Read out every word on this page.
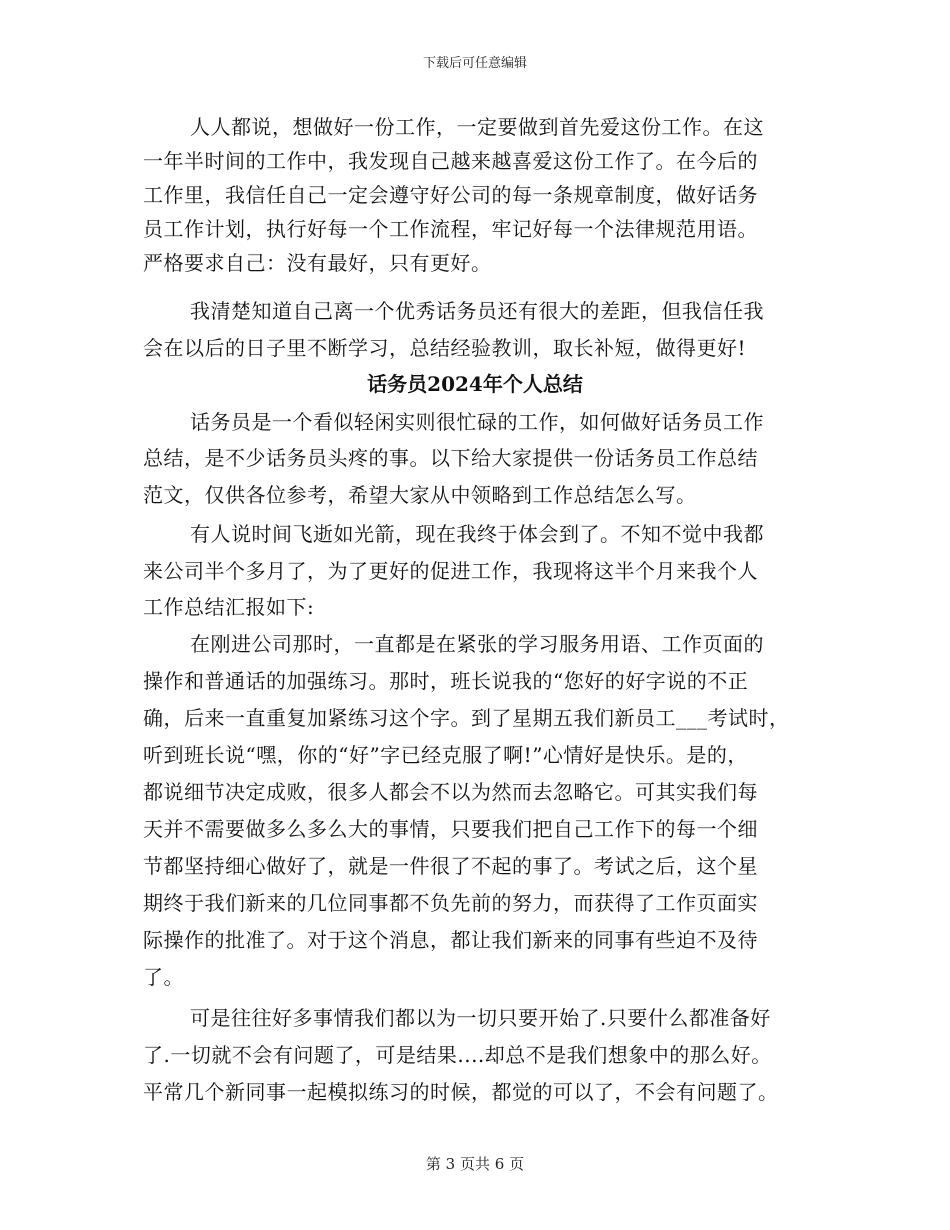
下载后可任意编辑
人人都说，想做好一份工作，一定要做到首先爱这份工作。在这
一年半时间的工作中，我发现自己越来越喜爱这份工作了。在今后的
工作里，我信任自己一定会遵守好公司的每一条规章制度，做好话务
员工作计划，执行好每一个工作流程，牢记好每一个法律规范用语。
严格要求自己：没有最好，只有更好。
我清楚知道自己离一个优秀话务员还有很大的差距，但我信任我
会在以后的日子里不断学习，总结经验教训，取长补短，做得更好!
话务员2024年个人总结
话务员是一个看似轻闲实则很忙碌的工作，如何做好话务员工作
总结，是不少话务员头疼的事。以下给大家提供一份话务员工作总结
范文，仅供各位参考，希望大家从中领略到工作总结怎么写。
有人说时间飞逝如光箭，现在我终于体会到了。不知不觉中我都
来公司半个多月了，为了更好的促进工作，我现将这半个月来我个人
工作总结汇报如下:
在刚进公司那时，一直都是在紧张的学习服务用语、工作页面的
操作和普通话的加强练习。那时，班长说我的“您好的好字说的不正
确，后来一直重复加紧练习这个字。到了星期五我们新员工___考试时，
听到班长说“嘿，你的“好”字已经克服了啊!”心情好是快乐。是的，
都说细节决定成败，很多人都会不以为然而去忽略它。可其实我们每
天并不需要做多么多么大的事情，只要我们把自己工作下的每一个细
节都坚持细心做好了，就是一件很了不起的事了。考试之后，这个星
期终于我们新来的几位同事都不负先前的努力，而获得了工作页面实
际操作的批准了。对于这个消息，都让我们新来的同事有些迫不及待
了。
可是往往好多事情我们都以为一切只要开始了.只要什么都准备好
了.一切就不会有问题了，可是结果....却总不是我们想象中的那么好。
平常几个新同事一起模拟练习的时候，都觉的可以了，不会有问题了。
第 3 页共 6 页
